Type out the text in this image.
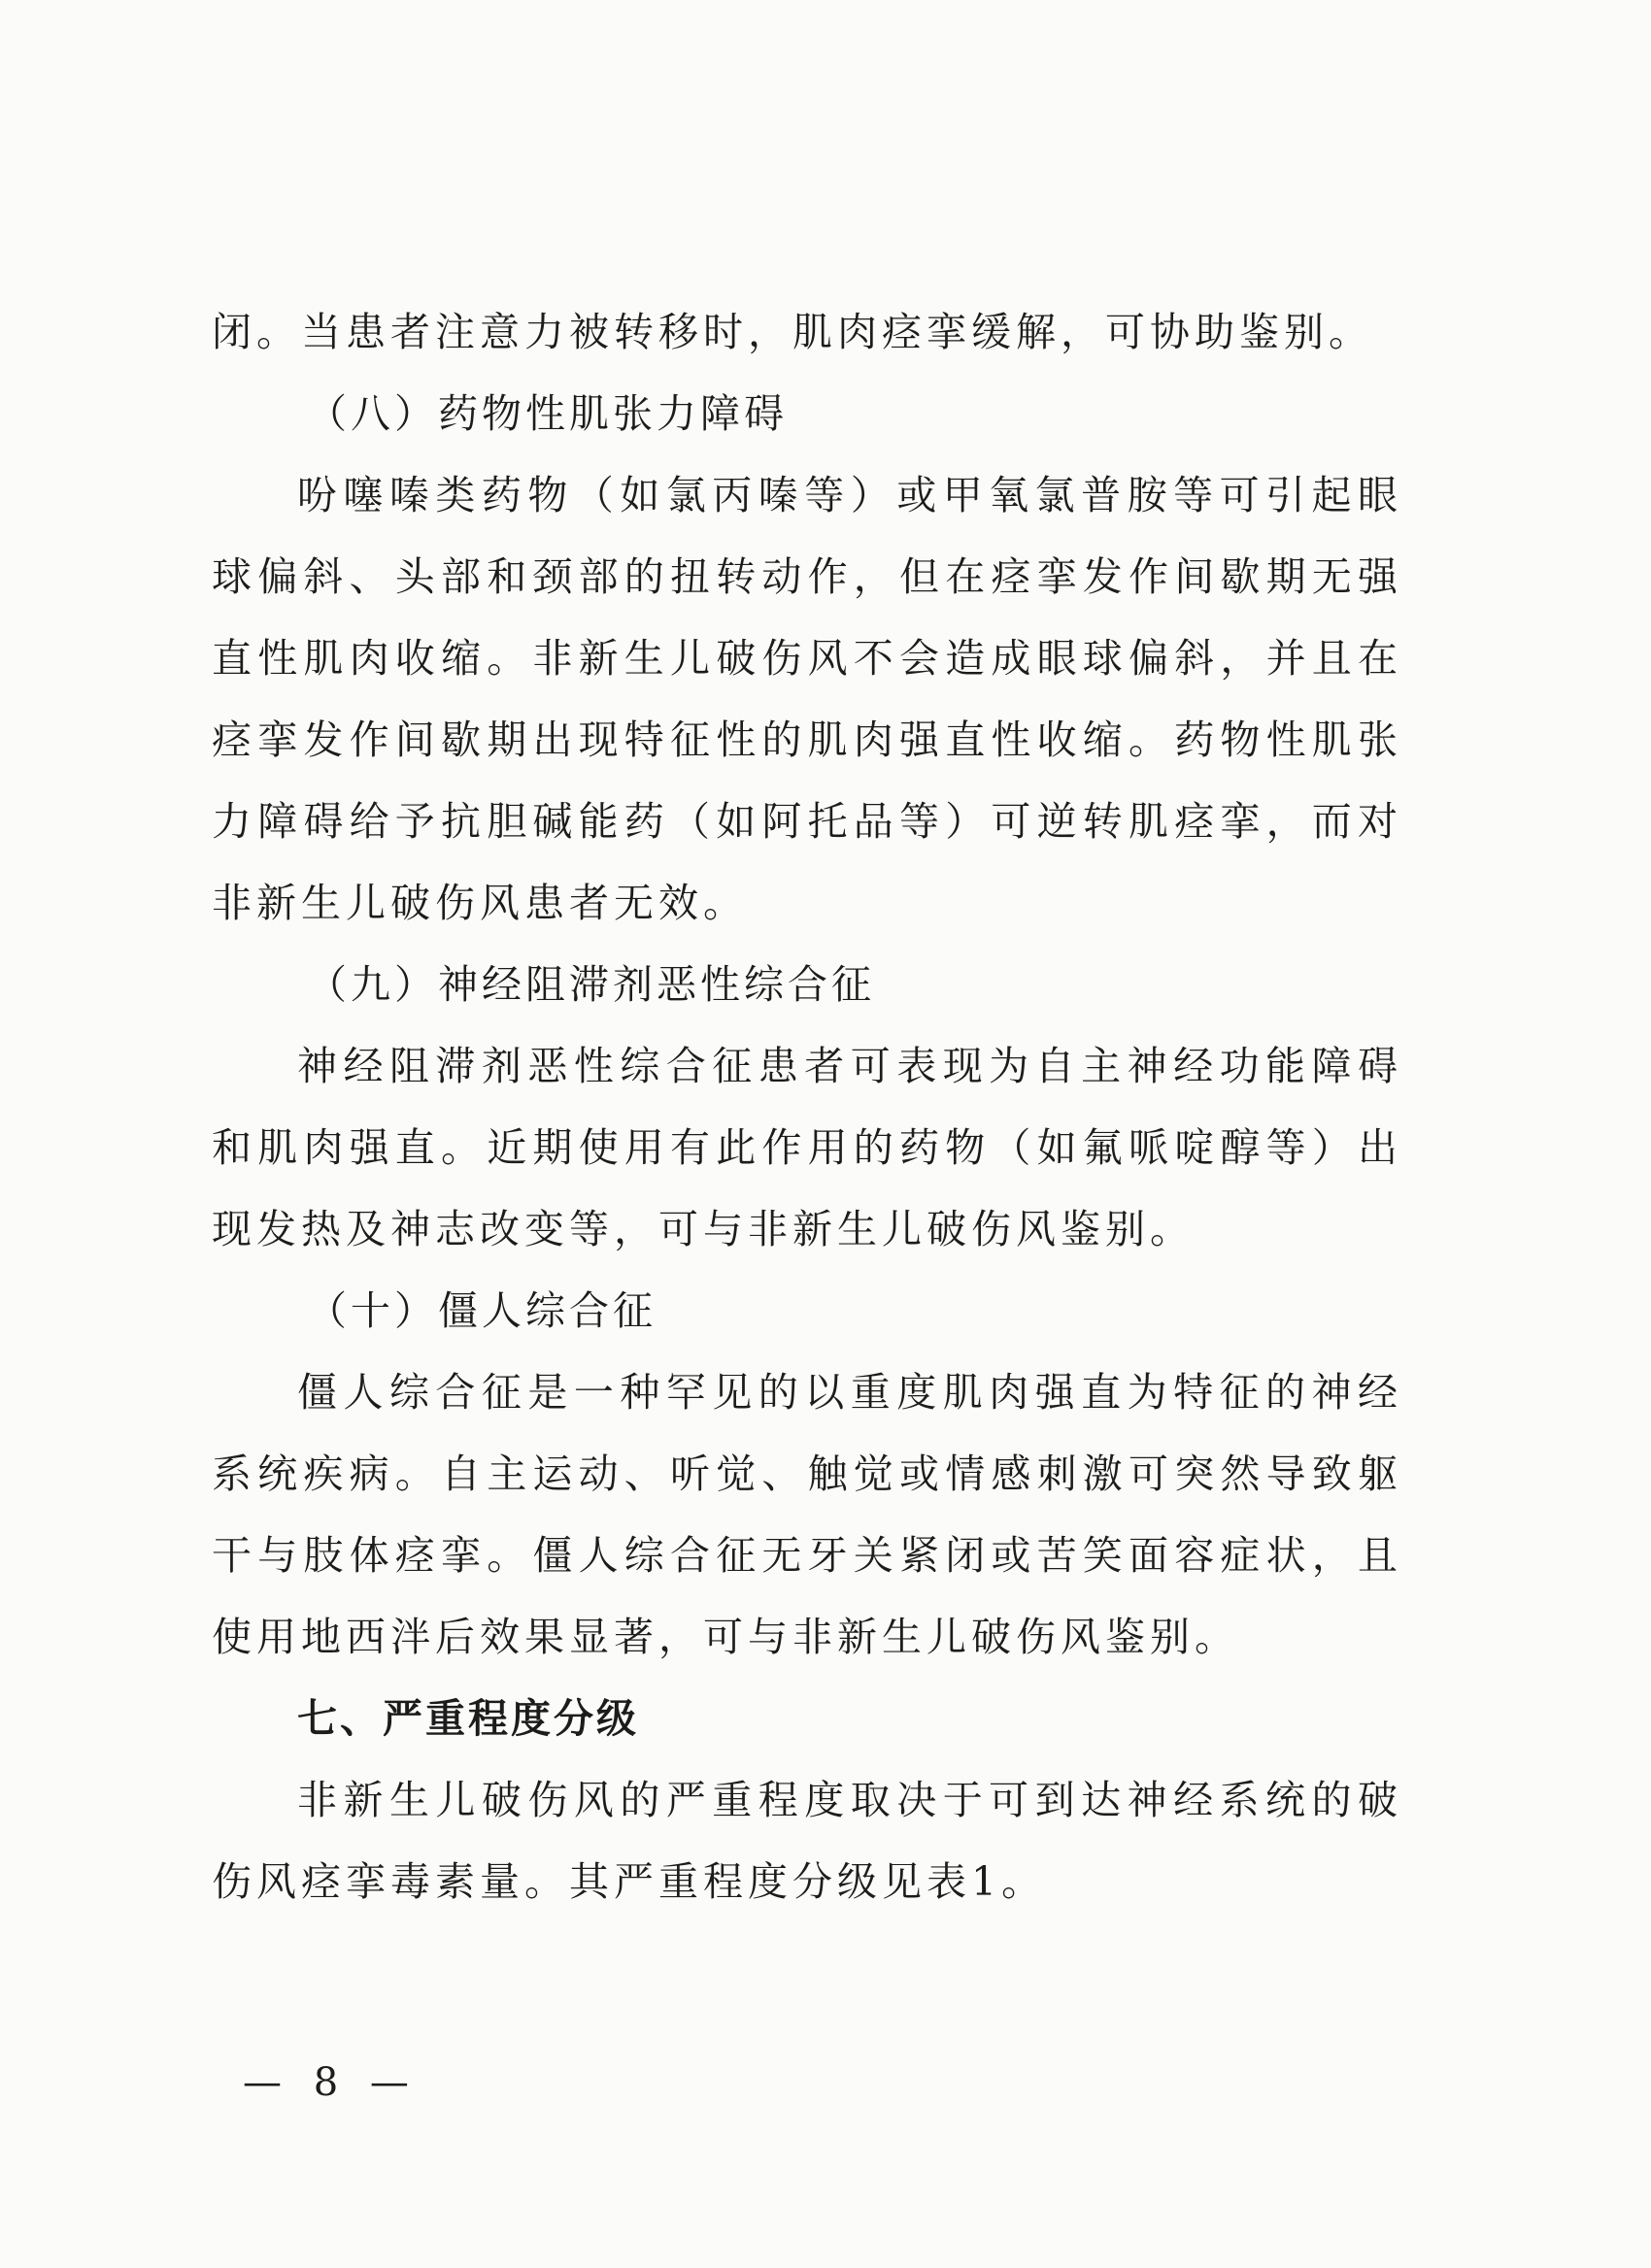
闭。当患者注意力被转移时，肌肉痉挛缓解，可协助鉴别。

（八）药物性肌张力障碍

吩噻嗪类药物（如氯丙嗪等）或甲氧氯普胺等可引起眼球偏斜、头部和颈部的扭转动作，但在痉挛发作间歇期无强直性肌肉收缩。非新生儿破伤风不会造成眼球偏斜，并且在痉挛发作间歇期出现特征性的肌肉强直性收缩。药物性肌张力障碍给予抗胆碱能药（如阿托品等）可逆转肌痉挛，而对非新生儿破伤风患者无效。

（九）神经阻滞剂恶性综合征

神经阻滞剂恶性综合征患者可表现为自主神经功能障碍和肌肉强直。近期使用有此作用的药物（如氟哌啶醇等）出现发热及神志改变等，可与非新生儿破伤风鉴别。

（十）僵人综合征

僵人综合征是一种罕见的以重度肌肉强直为特征的神经系统疾病。自主运动、听觉、触觉或情感刺激可突然导致躯干与肢体痉挛。僵人综合征无牙关紧闭或苦笑面容症状，且使用地西泮后效果显著，可与非新生儿破伤风鉴别。

七、严重程度分级

非新生儿破伤风的严重程度取决于可到达神经系统的破伤风痉挛毒素量。其严重程度分级见表1。

— 8 —
